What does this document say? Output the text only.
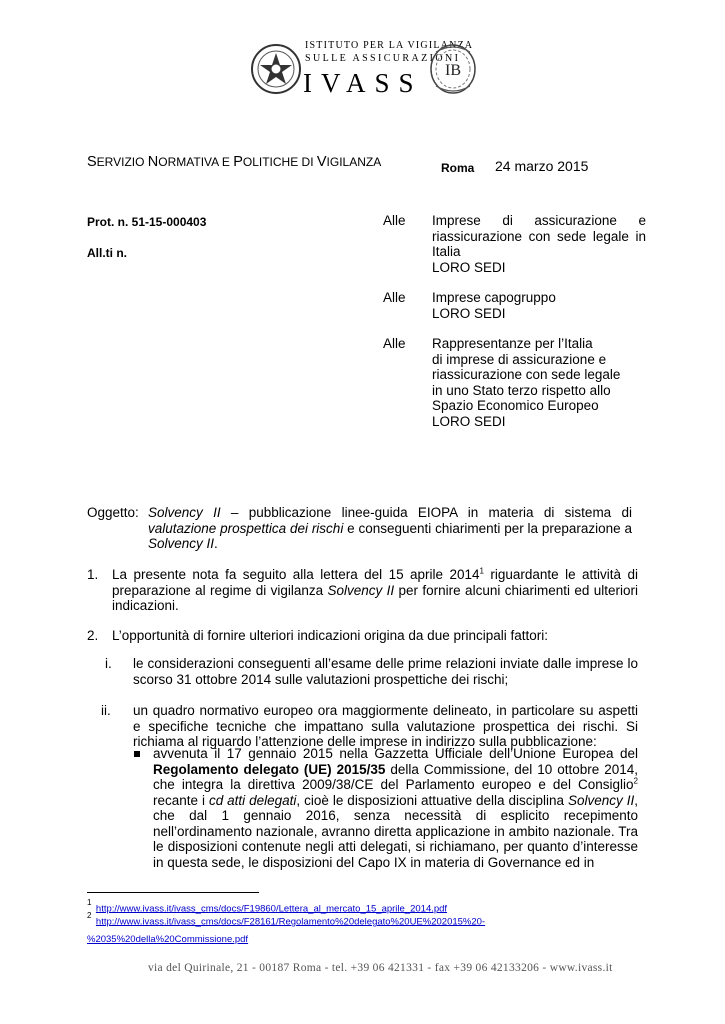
ISTITUTO PER LA VIGILANZA
SULLE ASSICURAZIONI
IVASS IB
SERVIZIO NORMATIVA E POLITICHE DI VIGILANZA	Roma 24 marzo 2015
Prot. n. 51-15-000403
All.ti n.
Alle Imprese di assicurazione e
riassicurazione con sede legale in
Italia
LORO SEDI
Alle Imprese capogruppo
LORO SEDI
Alle Rappresentanze per l’Italia
di imprese di assicurazione e
riassicurazione con sede legale
in uno Stato terzo rispetto allo
Spazio Economico Europeo
LORO SEDI
Oggetto: Solvency II – pubblicazione linee-guida EIOPA in materia di sistema di valutazione prospettica dei rischi e conseguenti chiarimenti per la preparazione a Solvency II.
1. La presente nota fa seguito alla lettera del 15 aprile 2014$^1$ riguardante le attività di preparazione al regime di vigilanza Solvency II per fornire alcuni chiarimenti ed ulteriori indicazioni.
2. L’opportunità di fornire ulteriori indicazioni origina da due principali fattori:
i. le considerazioni conseguenti all’esame delle prime relazioni inviate dalle imprese lo scorso 31 ottobre 2014 sulle valutazioni prospettiche dei rischi;
ii. un quadro normativo europeo ora maggiormente delineato, in particolare su aspetti e specifiche tecniche che impattano sulla valutazione prospettica dei rischi. Si richiama al riguardo l’attenzione delle imprese in indirizzo sulla pubblicazione:
avvenuta il 17 gennaio 2015 nella Gazzetta Ufficiale dell’Unione Europea del Regolamento delegato (UE) 2015/35 della Commissione, del 10 ottobre 2014, che integra la direttiva 2009/38/CE del Parlamento europeo e del Consiglio$^2$ recante i cd atti delegati, cioè le disposizioni attuative della disciplina Solvency II, che dal 1 gennaio 2016, senza necessità di esplicito recepimento nell’ordinamento nazionale, avranno diretta applicazione in ambito nazionale. Tra le disposizioni contenute negli atti delegati, si richiamano, per quanto d’interesse in questa sede, le disposizioni del Capo IX in materia di Governance ed in
$^1$ http://www.ivass.it/ivass_cms/docs/F19860/Lettera_al_mercato_15_aprile_2014.pdf
$^2$ http://www.ivass.it/ivass_cms/docs/F28161/Regolamento%20delegato%20UE%202015%20-
%2035%20della%20Commissione.pdf
via del Quirinale, 21 - 00187 Roma - tel. +39 06 421331 - fax +39 06 42133206 - www.ivass.it
